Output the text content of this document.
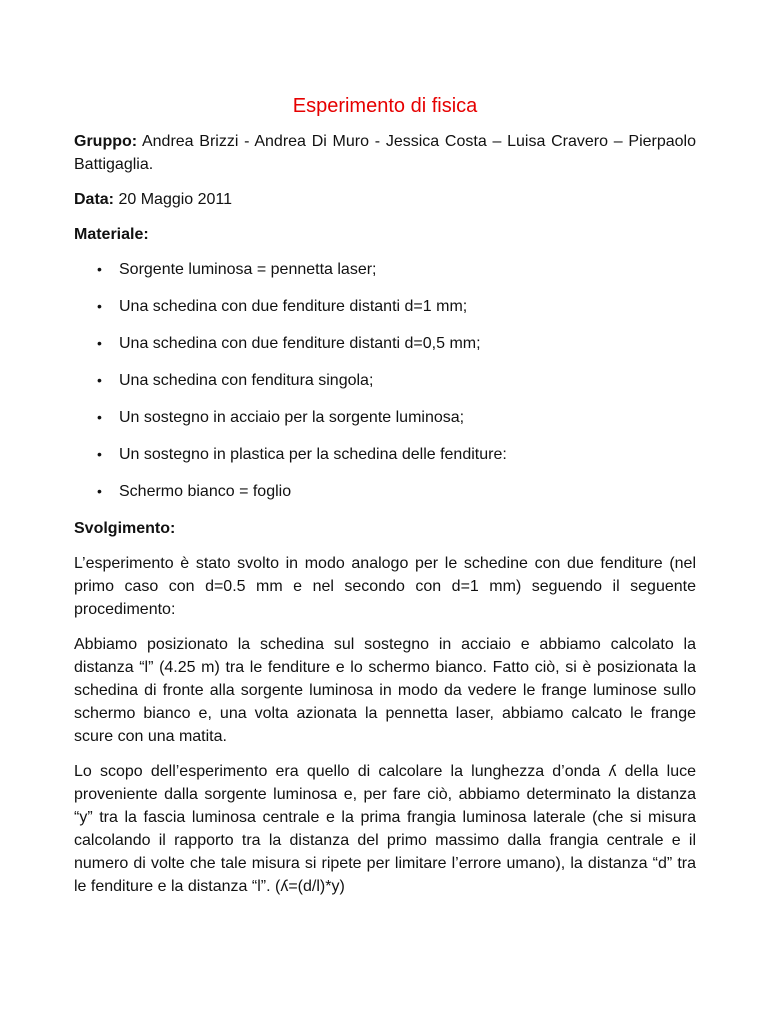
Esperimento di fisica

Gruppo: Andrea Brizzi - Andrea Di Muro - Jessica Costa – Luisa Cravero – Pierpaolo Battigaglia.

Data: 20 Maggio 2011

Materiale:

• Sorgente luminosa = pennetta laser;
• Una schedina con due fenditure distanti d=1 mm;
• Una schedina con due fenditure distanti d=0,5 mm;
• Una schedina con fenditura singola;
• Un sostegno in acciaio per la sorgente luminosa;
• Un sostegno in plastica per la schedina delle fenditure:
• Schermo bianco = foglio

Svolgimento:

L’esperimento è stato svolto in modo analogo per le schedine con due fenditure (nel primo caso con d=0.5 mm e nel secondo con d=1 mm) seguendo il seguente procedimento:

Abbiamo posizionato la schedina sul sostegno in acciaio e abbiamo calcolato la distanza “l” (4.25 m) tra le fenditure e lo schermo bianco. Fatto ciò, si è posizionata la schedina di fronte alla sorgente luminosa in modo da vedere le frange luminose sullo schermo bianco e, una volta azionata la pennetta laser, abbiamo calcato le frange scure con una matita.

Lo scopo dell’esperimento era quello di calcolare la lunghezza d’onda ʎ della luce proveniente dalla sorgente luminosa e, per fare ciò, abbiamo determinato la distanza “y” tra la fascia luminosa centrale e la prima frangia luminosa laterale (che si misura calcolando il rapporto tra la distanza del primo massimo dalla frangia centrale e il numero di volte che tale misura si ripete per limitare l’errore umano), la distanza “d” tra le fenditure e la distanza “l”. (ʎ=(d/l)*y)
